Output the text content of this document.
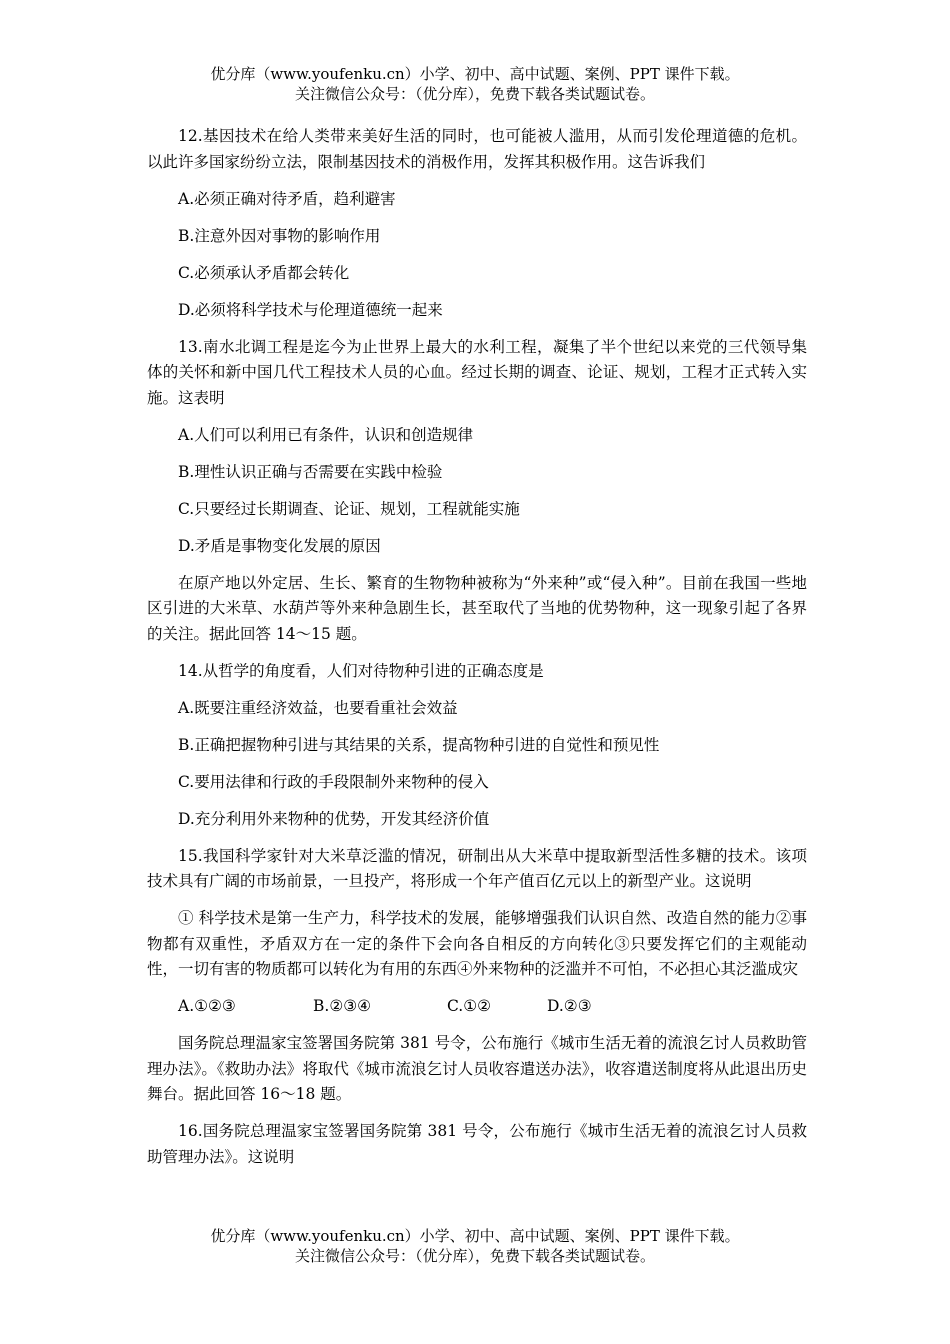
优分库（www.youfenku.cn）小学、初中、高中试题、案例、PPT 课件下载。
关注微信公众号：（优分库），免费下载各类试题试卷。

12.基因技术在给人类带来美好生活的同时，也可能被人滥用，从而引发伦理道德的危机。以此许多国家纷纷立法，限制基因技术的消极作用，发挥其积极作用。这告诉我们

A.必须正确对待矛盾，趋利避害

B.注意外因对事物的影响作用

C.必须承认矛盾都会转化

D.必须将科学技术与伦理道德统一起来

13.南水北调工程是迄今为止世界上最大的水利工程，凝集了半个世纪以来党的三代领导集体的关怀和新中国几代工程技术人员的心血。经过长期的调查、论证、规划，工程才正式转入实施。这表明

A.人们可以利用已有条件，认识和创造规律

B.理性认识正确与否需要在实践中检验

C.只要经过长期调查、论证、规划，工程就能实施

D.矛盾是事物变化发展的原因

在原产地以外定居、生长、繁育的生物物种被称为“外来种”或“侵入种”。目前在我国一些地区引进的大米草、水葫芦等外来种急剧生长，甚至取代了当地的优势物种，这一现象引起了各界的关注。据此回答 14～15 题。

14.从哲学的角度看，人们对待物种引进的正确态度是

A.既要注重经济效益，也要看重社会效益

B.正确把握物种引进与其结果的关系，提高物种引进的自觉性和预见性

C.要用法律和行政的手段限制外来物种的侵入

D.充分利用外来物种的优势，开发其经济价值

15.我国科学家针对大米草泛滥的情况，研制出从大米草中提取新型活性多糖的技术。该项技术具有广阔的市场前景，一旦投产，将形成一个年产值百亿元以上的新型产业。这说明

① 科学技术是第一生产力，科学技术的发展，能够增强我们认识自然、改造自然的能力②事物都有双重性，矛盾双方在一定的条件下会向各自相反的方向转化③只要发挥它们的主观能动性，一切有害的物质都可以转化为有用的东西④外来物种的泛滥并不可怕，不必担心其泛滥成灾

A.①②③	B.②③④	C.①②	D.②③

国务院总理温家宝签署国务院第 381 号令，公布施行《城市生活无着的流浪乞讨人员救助管理办法》。《救助办法》将取代《城市流浪乞讨人员收容遣送办法》，收容遣送制度将从此退出历史舞台。据此回答 16～18 题。

16.国务院总理温家宝签署国务院第 381 号令，公布施行《城市生活无着的流浪乞讨人员救助管理办法》。这说明

优分库（www.youfenku.cn）小学、初中、高中试题、案例、PPT 课件下载。
关注微信公众号：（优分库），免费下载各类试题试卷。
